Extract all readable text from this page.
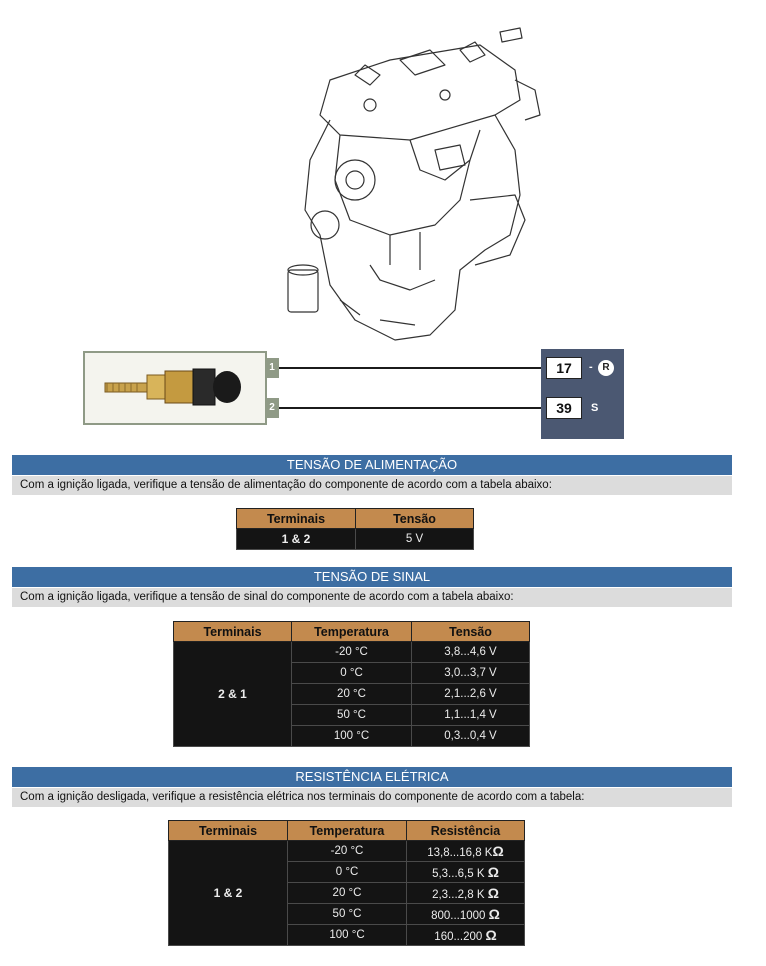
1
2
17	- R
39	S
TENSÃO DE ALIMENTAÇÃO
Com a ignição ligada, verifique a tensão de alimentação do componente de acordo com a tabela abaixo:
Terminais	Tensão
1 & 2	5 V
TENSÃO DE SINAL
Com a ignição ligada, verifique a tensão de sinal do componente de acordo com a tabela abaixo:
Terminais	Temperatura	Tensão
2 & 1	-20 °C	3,8...4,6 V
	0 °C	3,0...3,7 V
	20 °C	2,1...2,6 V
	50 °C	1,1...1,4 V
	100 °C	0,3...0,4 V
RESISTÊNCIA ELÉTRICA
Com a ignição desligada, verifique a resistência elétrica nos terminais do componente de acordo com a tabela:
Terminais	Temperatura	Resistência
1 & 2	-20 °C	13,8...16,8 KΩ
	0 °C	5,3...6,5 K Ω
	20 °C	2,3...2,8 K Ω
	50 °C	800...1000 Ω
	100 °C	160...200 Ω
